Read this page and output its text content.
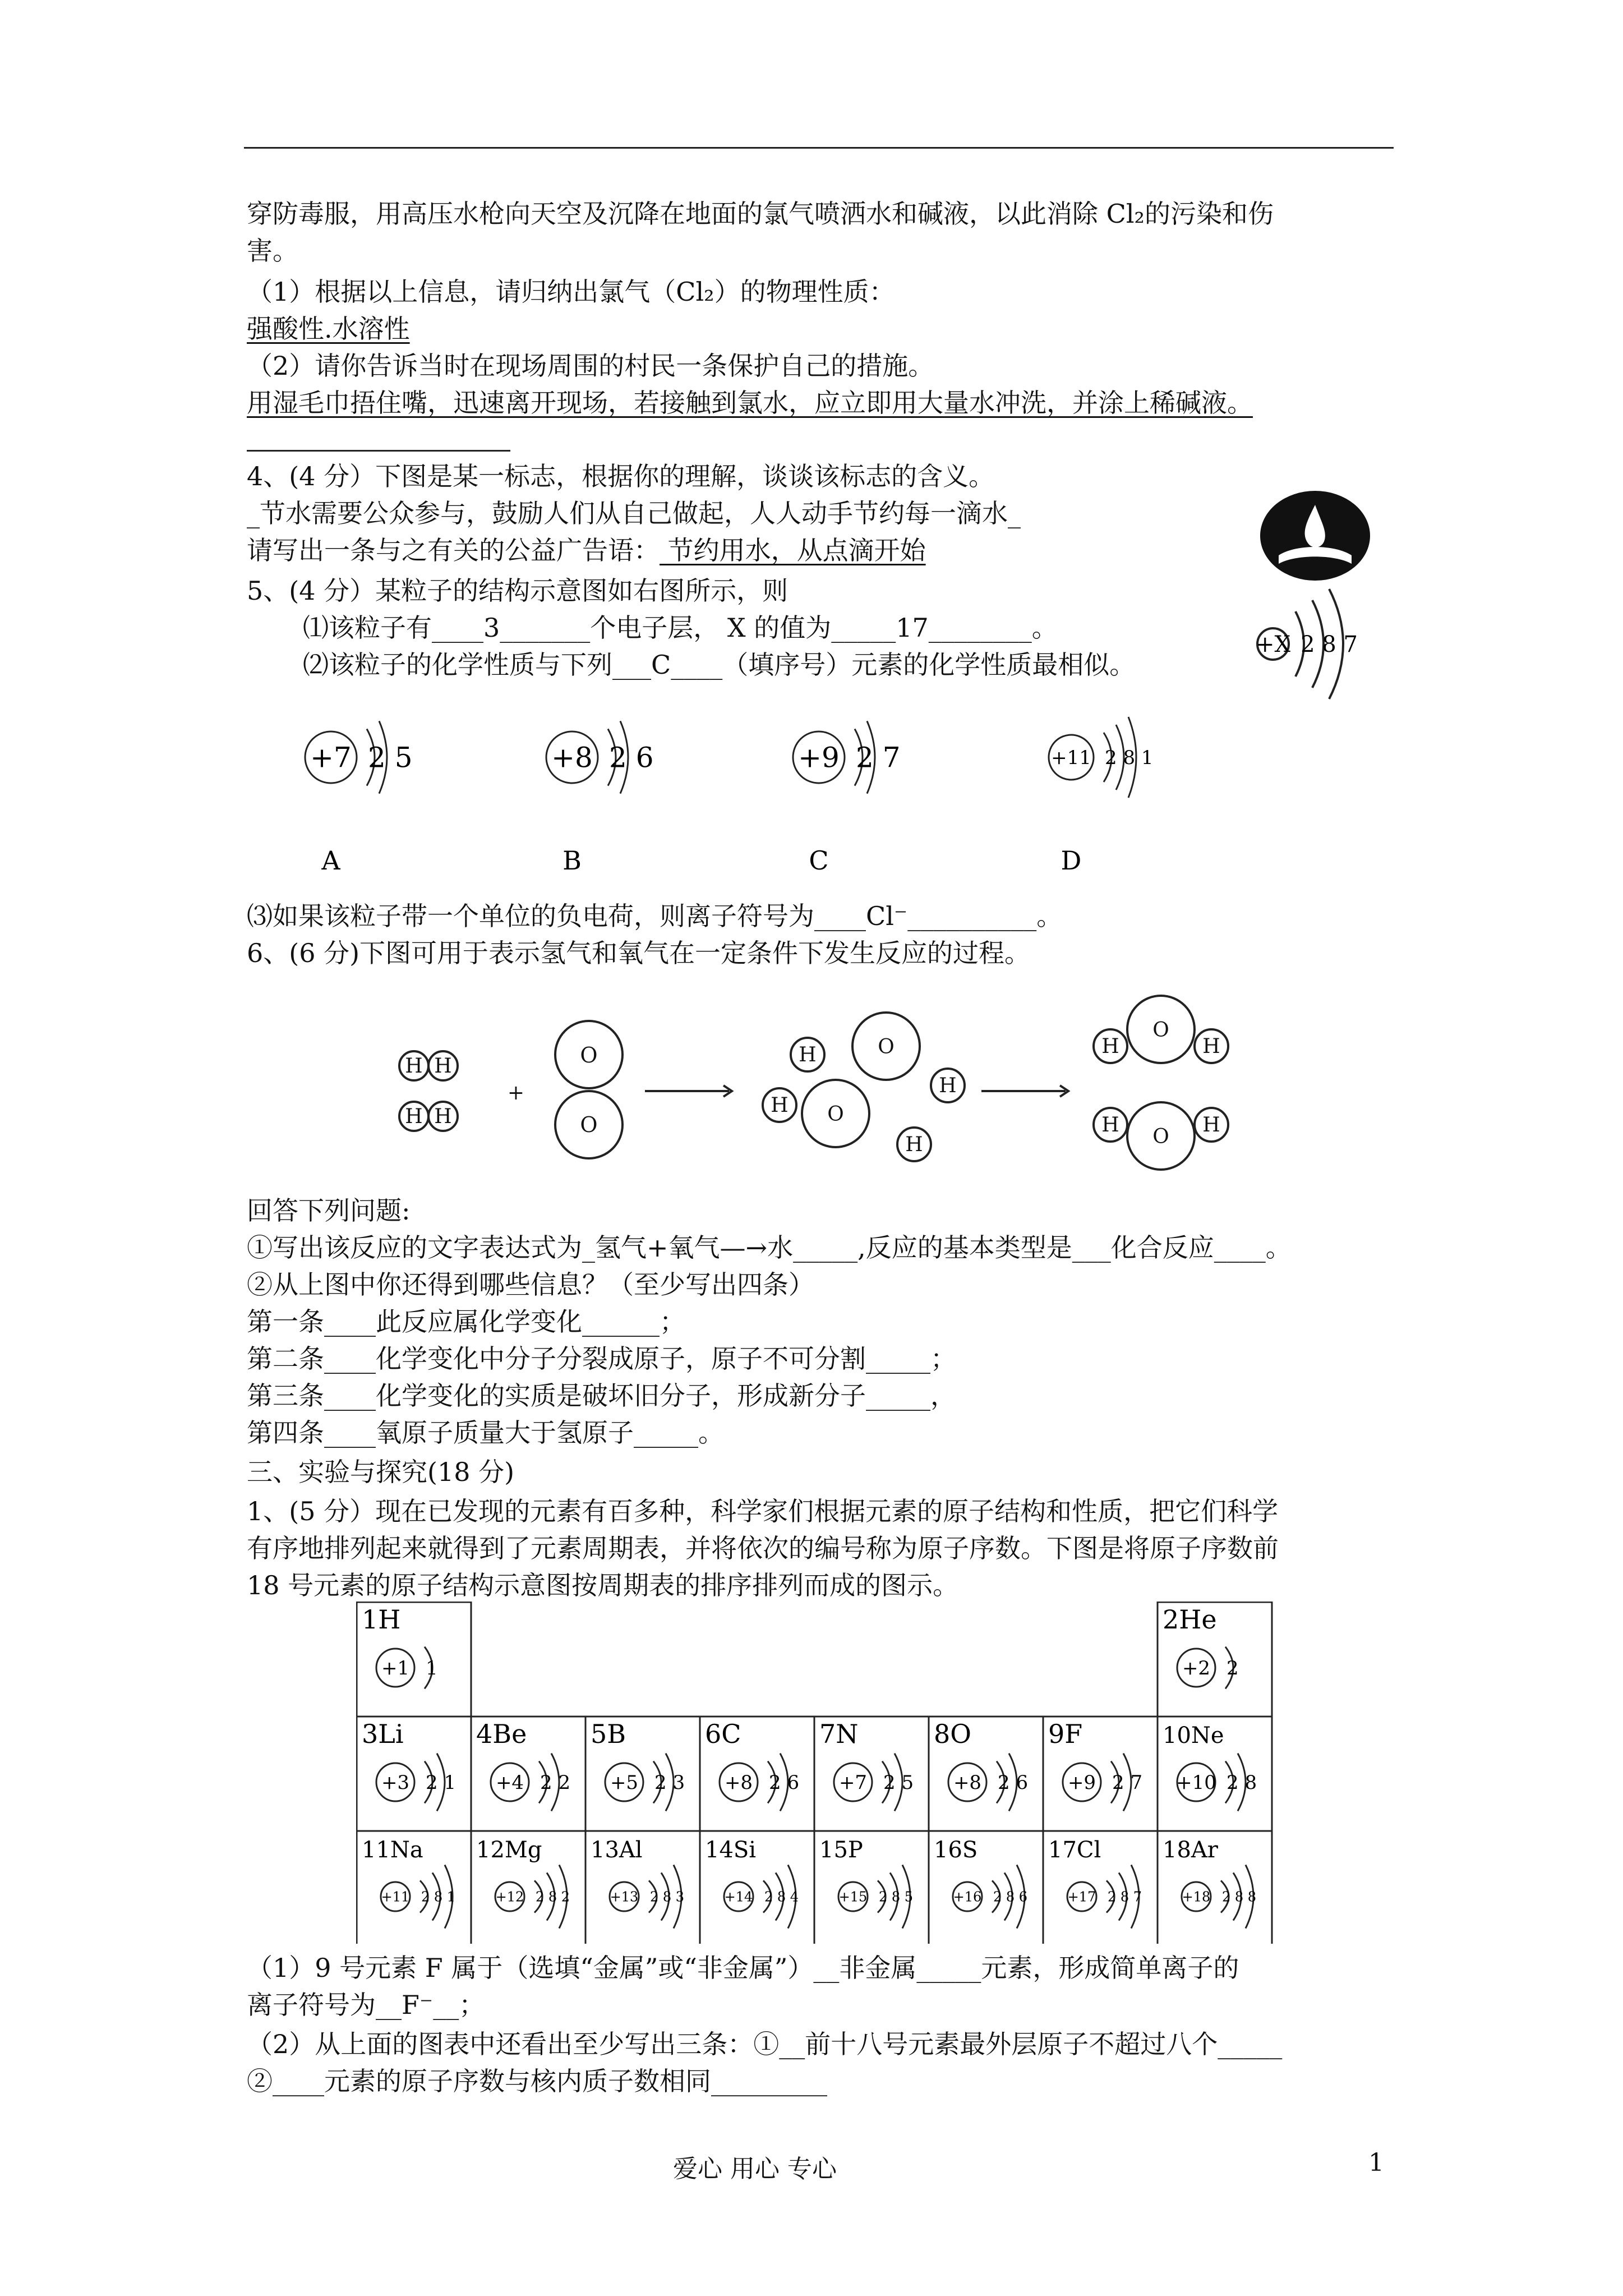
穿防毒服，用高压水枪向天空及沉降在地面的氯气喷洒水和碱液，以此消除 Cl₂的污染和伤
害。
（1）根据以上信息，请归纳出氯气（Cl₂）的物理性质：
强酸性.水溶性
（2）请你告诉当时在现场周围的村民一条保护自己的措施。
用湿毛巾捂住嘴，迅速离开现场，若接触到氯水，应立即用大量水冲洗，并涂上稀碱液。
4、(4 分）下图是某一标志，根据你的理解，谈谈该标志的含义。
_节水需要公众参与，鼓励人们从自己做起，人人动手节约每一滴水_
请写出一条与之有关的公益广告语： 节约用水，从点滴开始
5、(4 分）某粒子的结构示意图如右图所示，则
⑴该粒子有____3_______个电子层， X 的值为_____17________。
⑵该粒子的化学性质与下列___C____（填序号）元素的化学性质最相似。
+X 2 8 7
+7 2 5
A
+8 2 6
B
+9 2 7
C
+11 2 8 1
D
⑶如果该粒子带一个单位的负电荷，则离子符号为____Cl⁻__________。
6、(6 分)下图可用于表示氢气和氧气在一定条件下发生反应的过程。
H H
H H
+
O
O
H	O
H O
H
H
H
O
H
H
O
H
回答下列问题:
①写出该反应的文字表达式为_氢气+氧气—→水_____,反应的基本类型是___化合反应____。
②从上图中你还得到哪些信息？（至少写出四条）
第一条____此反应属化学变化______；
第二条____化学变化中分子分裂成原子，原子不可分割_____；
第三条____化学变化的实质是破坏旧分子，形成新分子_____，
第四条____氧原子质量大于氢原子_____。
三、实验与探究(18 分)
1、(5 分）现在已发现的元素有百多种，科学家们根据元素的原子结构和性质，把它们科学
有序地排列起来就得到了元素周期表，并将依次的编号称为原子序数。下图是将原子序数前
18 号元素的原子结构示意图按周期表的排序排列而成的图示。
1H
+1 1
2He
+2 2
3Li
+3 2 1
4Be
+4 2 2
5B
+5 2 3
6C
+8 2 6
7N
+7 2 5
8O
+8 2 6
9F
+9 2 7
10Ne
+10 2 8
11Na
+11 2 8 1
12Mg
+12 2 8 2
13Al
+13 2 8 3
14Si
+14 2 8 4
15P
+15 2 8 5
16S
+16 2 8 6
17Cl
+17 2 8 7
18Ar
+18 2 8 8
（1）9 号元素 F 属于（选填“金属”或“非金属”）__非金属_____元素，形成简单离子的
离子符号为__F⁻__；
（2）从上面的图表中还看出至少写出三条：①__前十八号元素最外层原子不超过八个_____
②____元素的原子序数与核内质子数相同_________
爱心 用心 专心	1
